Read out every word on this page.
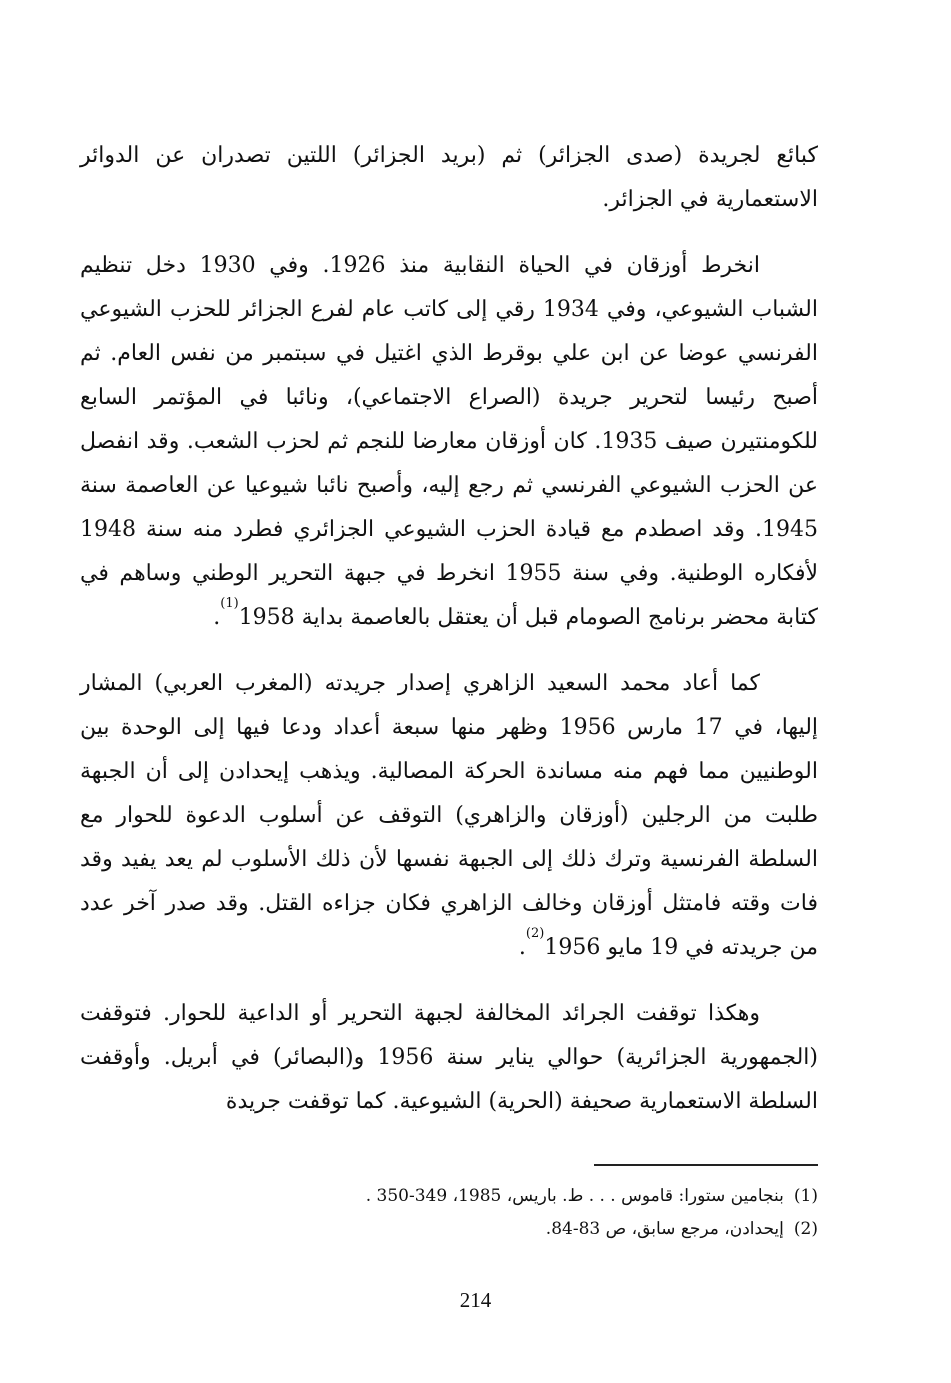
كبائع لجريدة (صدى الجزائر) ثم (بريد الجزائر) اللتين تصدران عن الدوائر الاستعمارية في الجزائر.

انخرط أوزقان في الحياة النقابية منذ 1926. وفي 1930 دخل تنظيم الشباب الشيوعي، وفي 1934 رقي إلى كاتب عام لفرع الجزائر للحزب الشيوعي الفرنسي عوضا عن ابن علي بوقرط الذي اغتيل في سبتمبر من نفس العام. ثم أصبح رئيسا لتحرير جريدة (الصراع الاجتماعي)، ونائبا في المؤتمر السابع للكومنتيرن صيف 1935. كان أوزقان معارضا للنجم ثم لحزب الشعب. وقد انفصل عن الحزب الشيوعي الفرنسي ثم رجع إليه، وأصبح نائبا شيوعيا عن العاصمة سنة 1945. وقد اصطدم مع قيادة الحزب الشيوعي الجزائري فطرد منه سنة 1948 لأفكاره الوطنية. وفي سنة 1955 انخرط في جبهة التحرير الوطني وساهم في كتابة محضر برنامج الصومام قبل أن يعتقل بالعاصمة بداية 1958$^{(1)}$.

كما أعاد محمد السعيد الزاهري إصدار جريدته (المغرب العربي) المشار إليها، في 17 مارس 1956 وظهر منها سبعة أعداد ودعا فيها إلى الوحدة بين الوطنيين مما فهم منه مساندة الحركة المصالية. ويذهب إيحدادن إلى أن الجبهة طلبت من الرجلين (أوزقان والزاهري) التوقف عن أسلوب الدعوة للحوار مع السلطة الفرنسية وترك ذلك إلى الجبهة نفسها لأن ذلك الأسلوب لم يعد يفيد وقد فات وقته فامتثل أوزقان وخالف الزاهري فكان جزاءه القتل. وقد صدر آخر عدد من جريدته في 19 مايو 1956$^{(2)}$.

وهكذا توقفت الجرائد المخالفة لجبهة التحرير أو الداعية للحوار. فتوقفت (الجمهورية الجزائرية) حوالي يناير سنة 1956 و(البصائر) في أبريل. وأوقفت السلطة الاستعمارية صحيفة (الحرية) الشيوعية. كما توقفت جريدة

(1)بنجامين ستورا: قاموس . . . ط. باريس، 1985، 349-350 .

(2)إيحدادن، مرجع سابق، ص 83-84.

214
